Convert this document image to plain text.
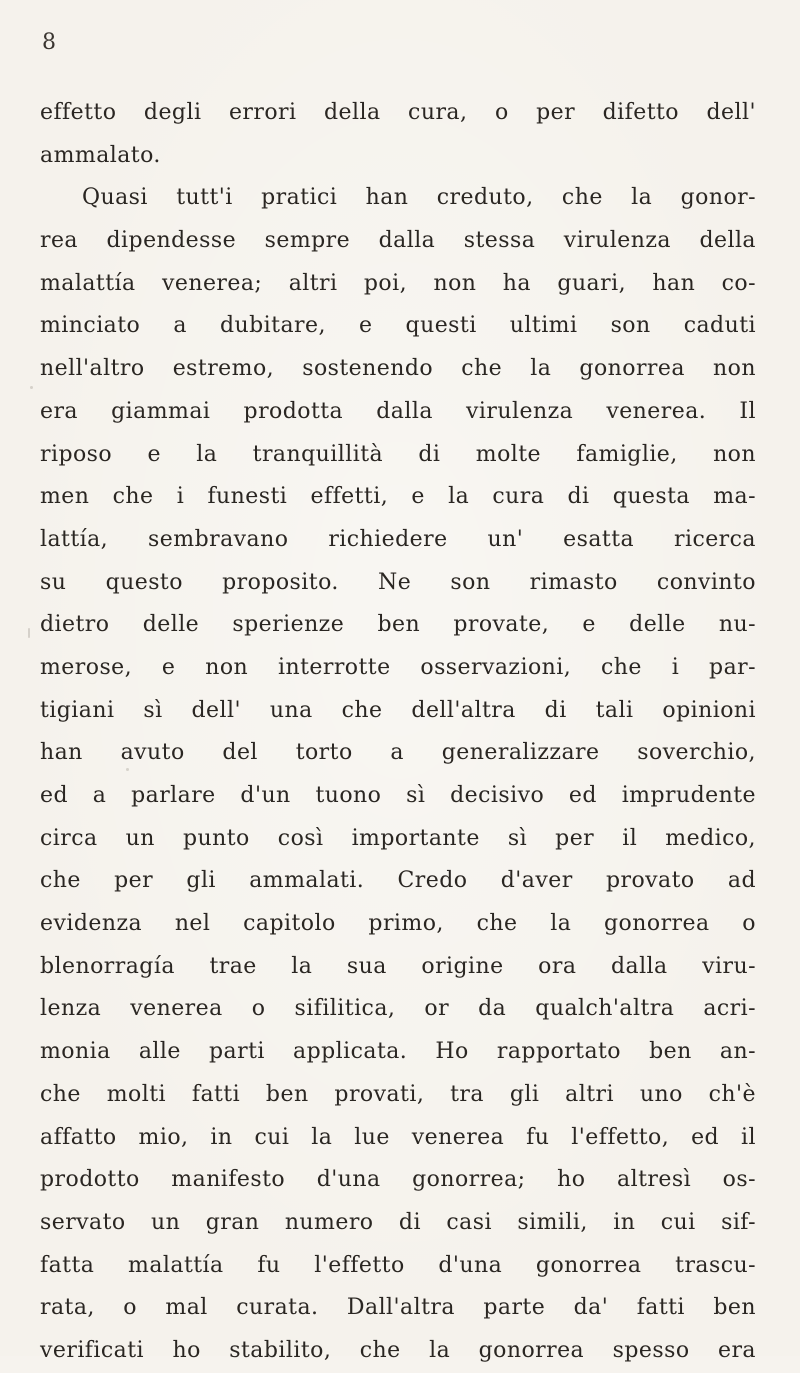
8
effetto degli errori della cura, o per difetto dell'
ammalato.
Quasi tutt'i pratici han creduto, che la gonor-
rea dipendesse sempre dalla stessa virulenza della
malattía venerea; altri poi, non ha guari, han co-
minciato a dubitare, e questi ultimi son caduti
nell'altro estremo, sostenendo che la gonorrea non
era giammai prodotta dalla virulenza venerea. Il
riposo e la tranquillità di molte famiglie, non
men che i funesti effetti, e la cura di questa ma-
lattía, sembravano richiedere un' esatta ricerca
su questo proposito. Ne son rimasto convinto
dietro delle sperienze ben provate, e delle nu-
merose, e non interrotte osservazioni, che i par-
tigiani sì dell' una che dell'altra di tali opinioni
han avuto del torto a generalizzare soverchio,
ed a parlare d'un tuono sì decisivo ed imprudente
circa un punto così importante sì per il medico,
che per gli ammalati. Credo d'aver provato ad
evidenza nel capitolo primo, che la gonorrea o
blenorragía trae la sua origine ora dalla viru-
lenza venerea o sifilitica, or da qualch'altra acri-
monia alle parti applicata. Ho rapportato ben an-
che molti fatti ben provati, tra gli altri uno ch'è
affatto mio, in cui la lue venerea fu l'effetto, ed il
prodotto manifesto d'una gonorrea; ho altresì os-
servato un gran numero di casi simili, in cui sif-
fatta malattía fu l'effetto d'una gonorrea trascu-
rata, o mal curata. Dall'altra parte da' fatti ben
verificati ho stabilito, che la gonorrea spesso era
